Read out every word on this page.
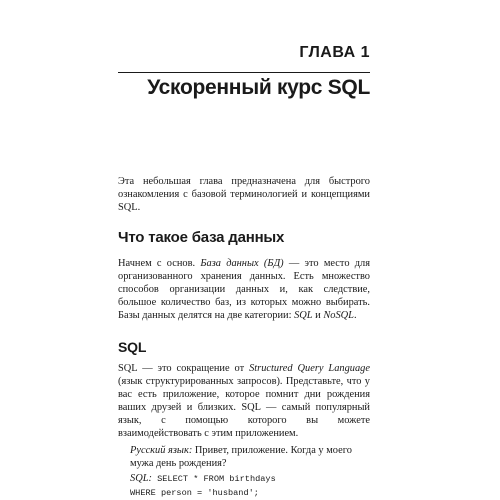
ГЛАВА 1
Ускоренный курс SQL

Эта небольшая глава предназначена для быстрого ознакомления с базовой терминологией и концепциями SQL.

Что такое база данных

Начнем с основ. База данных (БД) — это место для организованного хранения данных. Есть множество способов организации данных и, как следствие, большое количество баз, из которых можно выбирать. Базы данных делятся на две категории: SQL и NoSQL.

SQL

SQL — это сокращение от Structured Query Language (язык структурированных запросов). Представьте, что у вас есть приложение, которое помнит дни рождения ваших друзей и близких. SQL — самый популярный язык, с помощью которого вы можете взаимодействовать с этим приложением.

Русский язык: Привет, приложение. Когда у моего мужа день рождения?

SQL: SELECT * FROM birthdays
WHERE person = 'husband';
